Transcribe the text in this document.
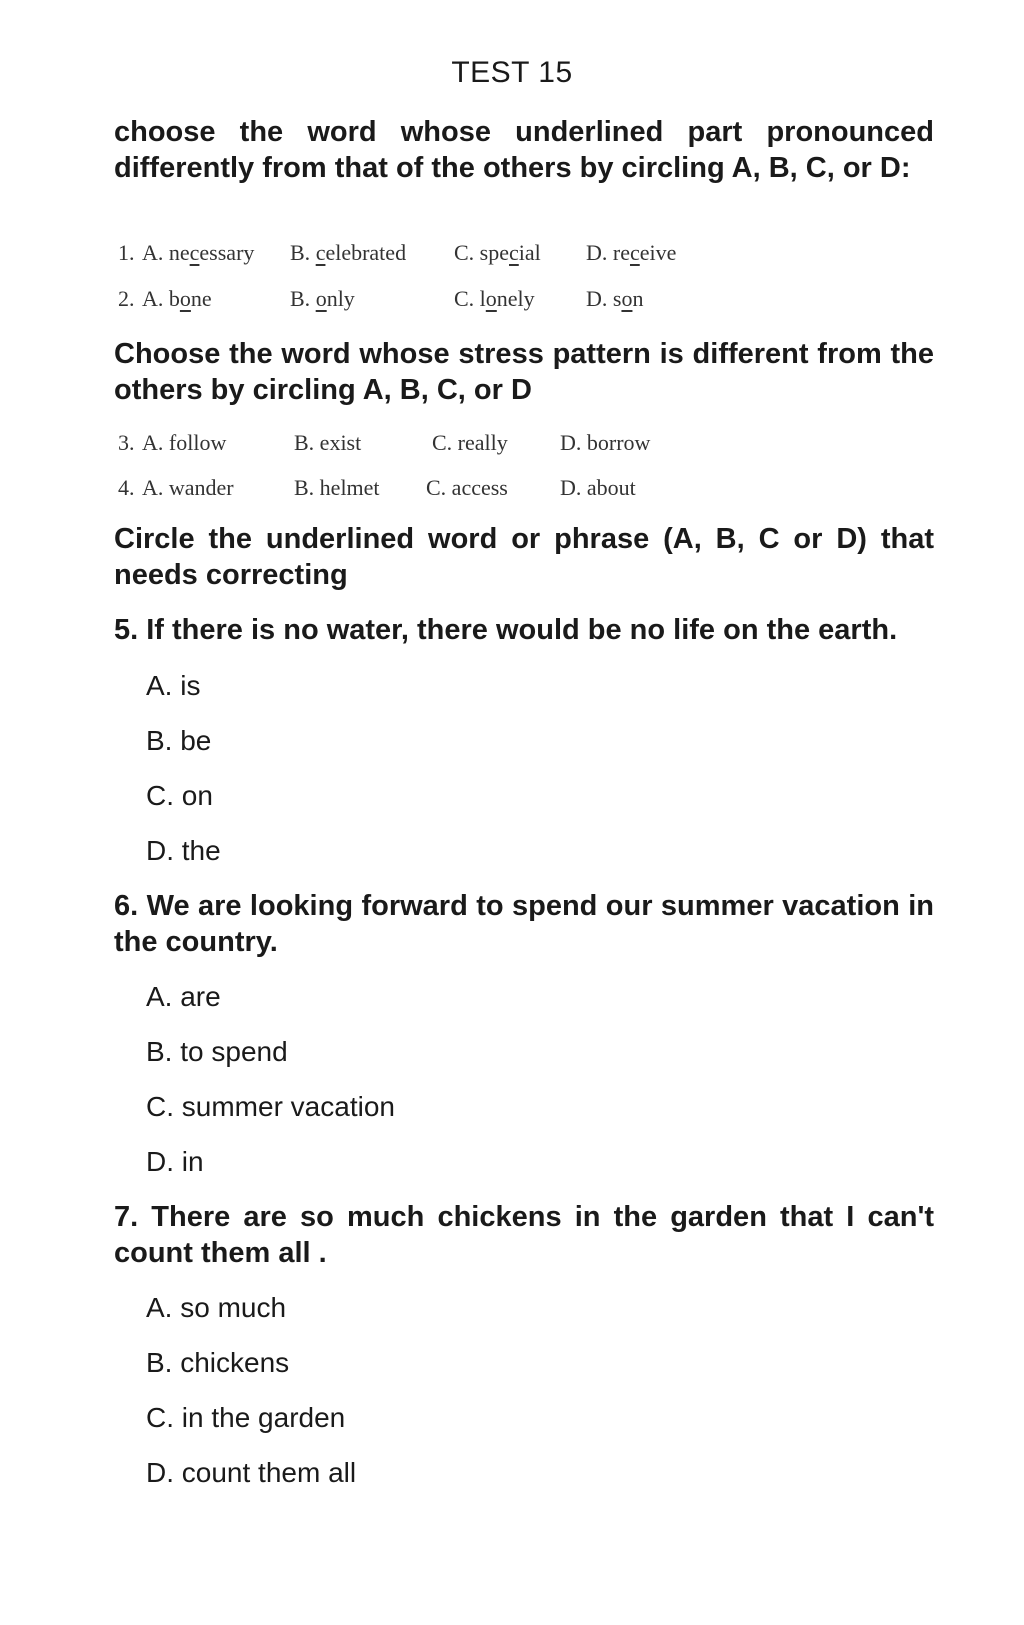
TEST 15
choose the word whose underlined part pronounced differently from that of the others by circling A, B, C, or D:
1. A. necessary B. celebrated C. special D. receive
2. A. bone	B. only	C. lonely D. son
Choose the word whose stress pattern is different from the others by circling A, B, C, or D
3. A. follow	B. exist	C. really D. borrow
4. A. wander	B. helmet C. access D. about
Circle the underlined word or phrase (A, B, C or D) that needs correcting
5. If there is no water, there would be no life on the earth.
A. is
B. be
C. on
D. the
6. We are looking forward to spend our summer vacation in the country.
A. are
B. to spend
C. summer vacation
D. in
7. There are so much chickens in the garden that I can't count them all .
A. so much
B. chickens
C. in the garden
D. count them all
